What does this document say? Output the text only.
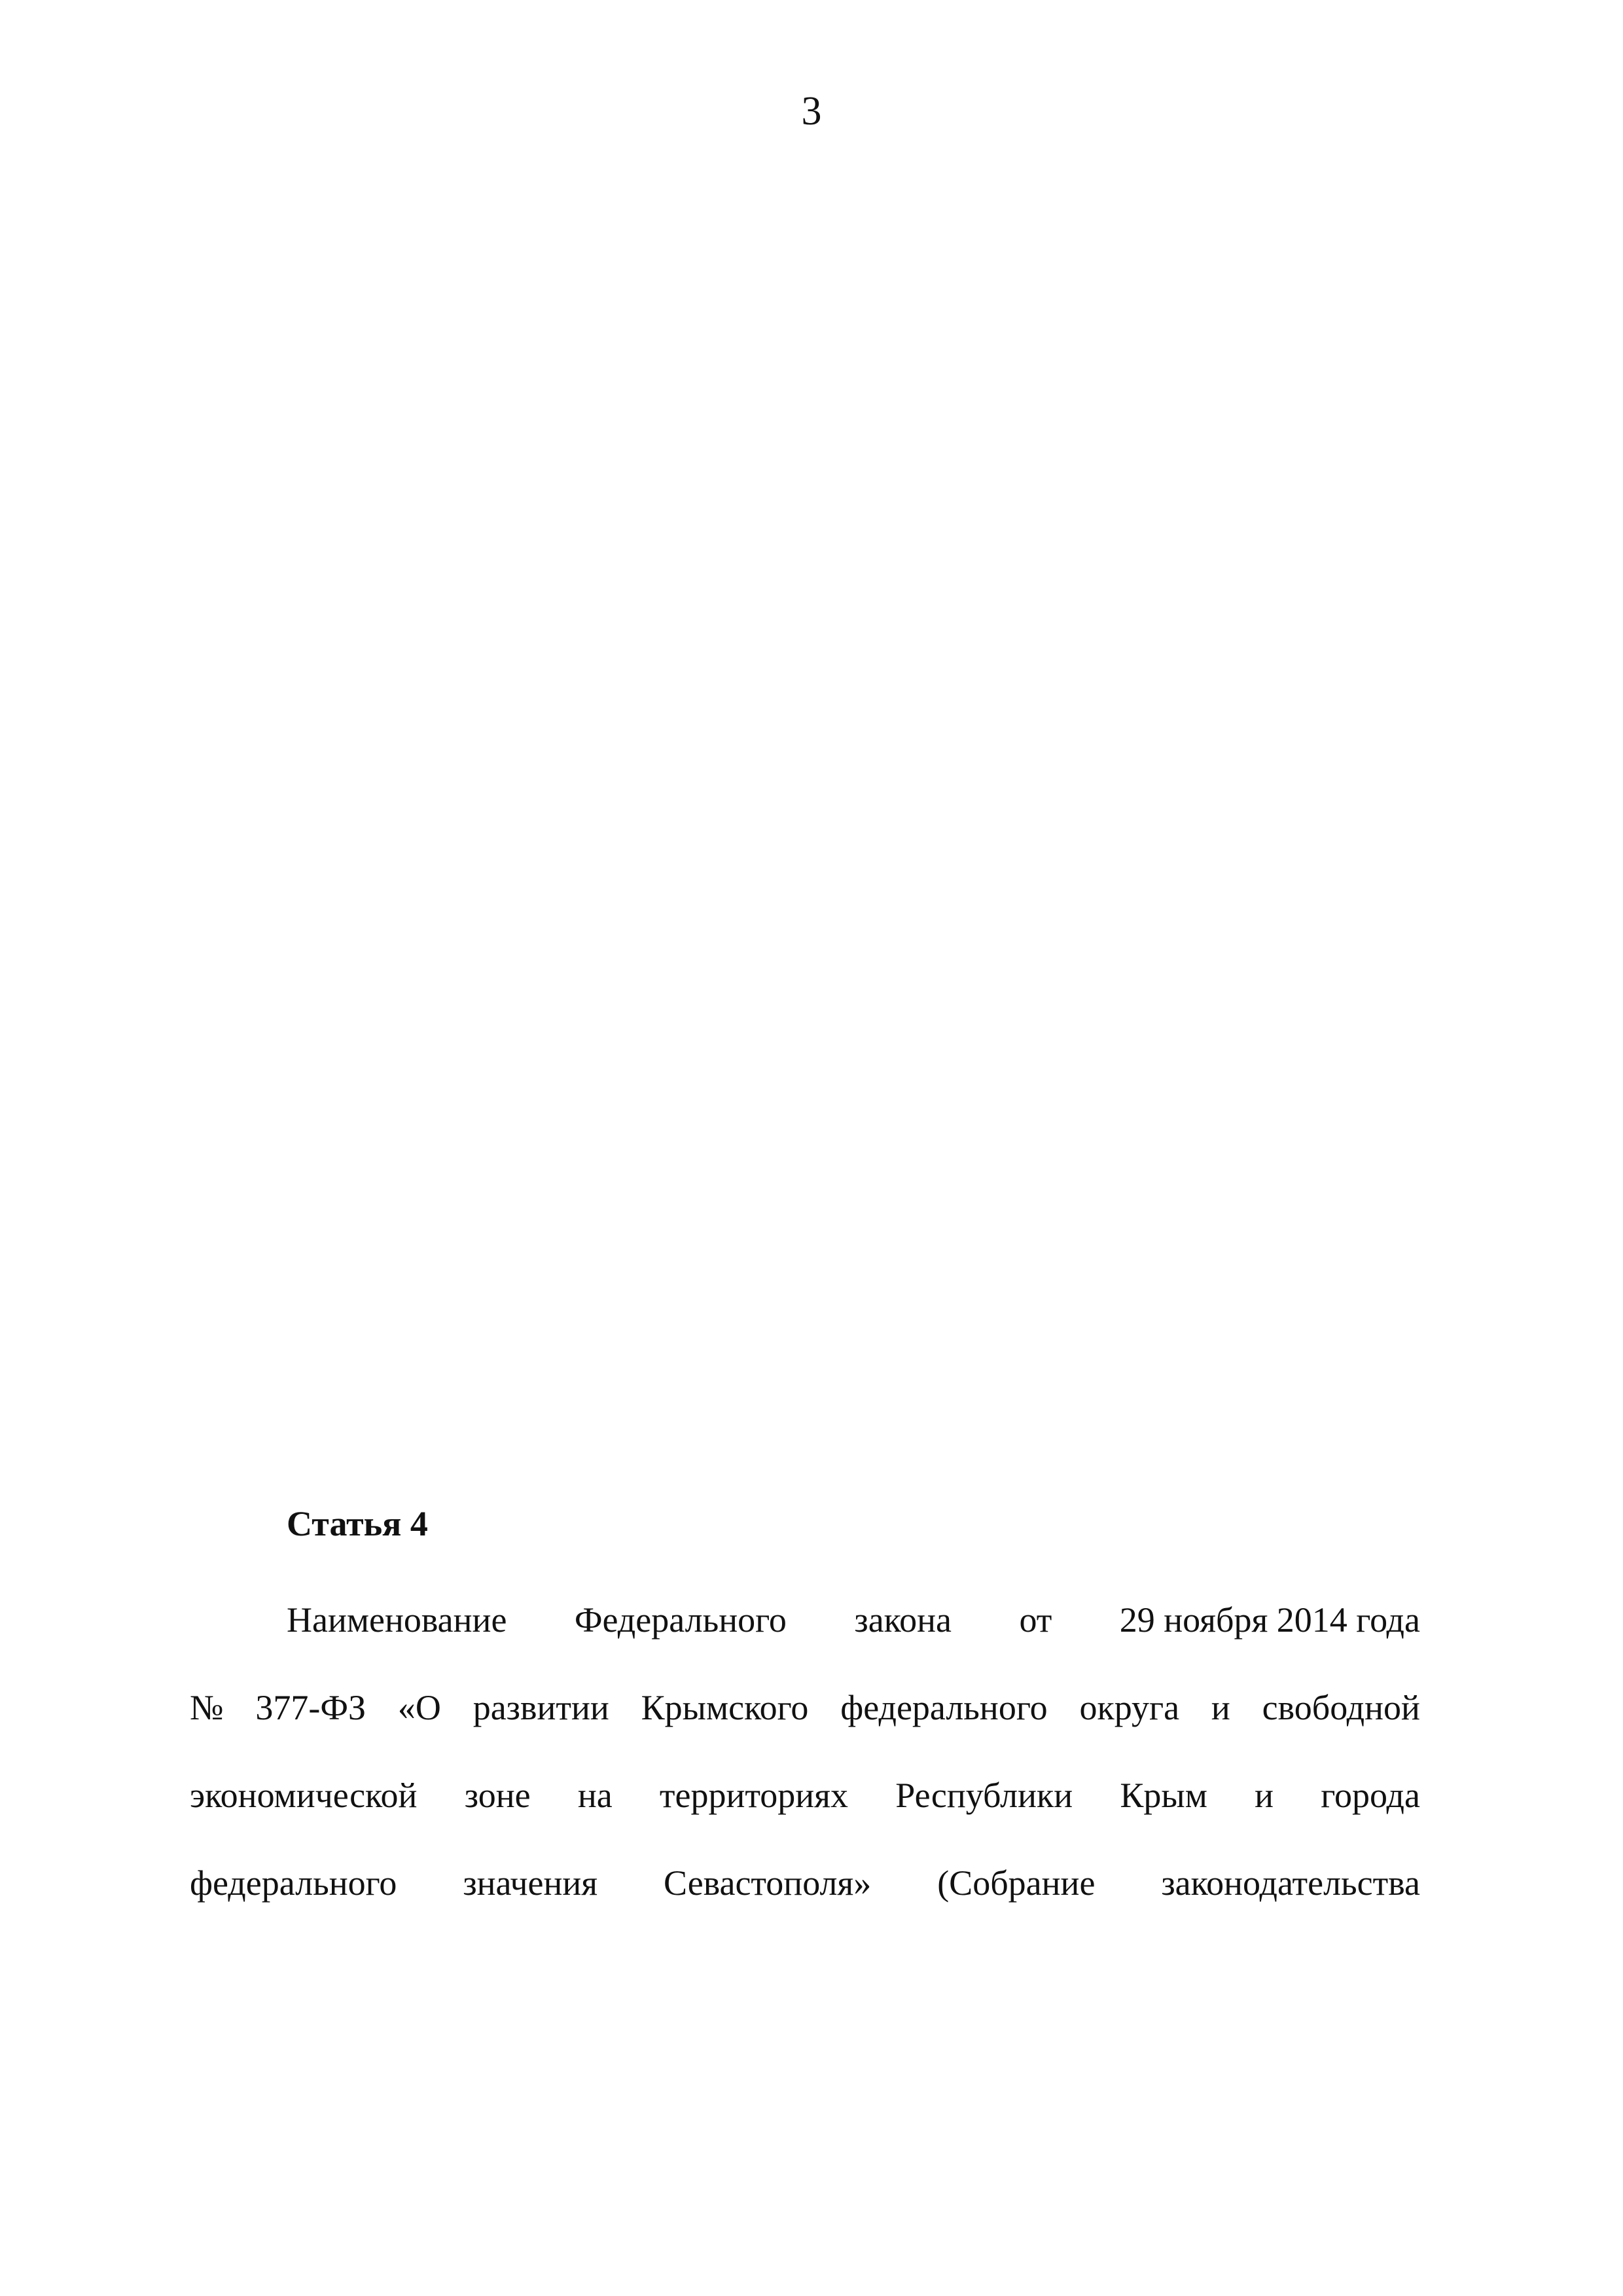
3
Статья 4
Наименование Федерального закона от 29 ноября 2014 года
№ 377-ФЗ «О развитии Крымского федерального округа и свободной
экономической зоне на территориях Республики Крым и города
федерального значения Севастополя» (Собрание законодательства
